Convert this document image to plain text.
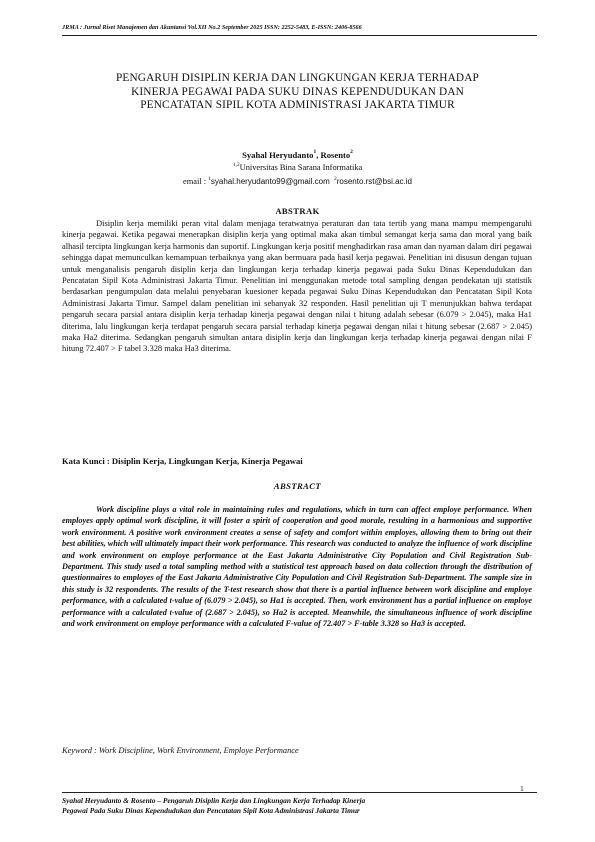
JRMA : Jurnal Riset Manajemen dan Akuntansi Vol.XII No.2 September 2025 ISSN: 2252-5483, E-ISSN: 2406-8566
PENGARUH DISIPLIN KERJA DAN LINGKUNGAN KERJA TERHADAP
KINERJA PEGAWAI PADA SUKU DINAS KEPENDUDUKAN DAN
PENCATATAN SIPIL KOTA ADMINISTRASI JAKARTA TIMUR
Syahal Heryudanto$^1$, Rosento$^2$
$^{1,2}$Universitas Bina Sarana Informatika
email : $^1$syahal.heryudanto99@gmail.com $^2$rosento.rst@bsi.ac.id
ABSTRAK

Disiplin kerja memiliki peran vital dalam menjaga teratwatnya peraturan dan tata tertib yang mana mampu mempengaruhi kinerja pegawai. Ketika pegawai menerapkan disiplin kerja yang optimal maka akan timbul semangat kerja sama dan moral yang baik alhasil tercipta lingkungan kerja harmonis dan suportif. Lingkungan kerja positif menghadirkan rasa aman dan nyaman dalam diri pegawai sehingga dapat memunculkan kemampuan terbaiknya yang akan bermuara pada hasil kerja pegawai. Penelitian ini disusun dengan tujuan untuk menganalisis pengaruh disiplin kerja dan lingkungan kerja terhadap kinerja pegawai pada Suku Dinas Kependudukan dan Pencatatan Sipil Kota Administrasi Jakarta Timur. Penelitian ini menggunakan metode total sampling dengan pendekatan uji statistik berdasarkan pengumpulan data melalui penyebaran kuesioner kepada pegawai Suku Dinas Kependudukan dan Pencatatan Sipil Kota Administrasi Jakarta Timur. Sampel dalam penelitian ini sebanyak 32 responden. Hasil penelitian uji T menunjukkan bahwa terdapat pengaruh secara parsial antara disiplin kerja terhadap kinerja pegawai dengan nilai t hitung adalah sebesar (6.079 > 2.045), maka Ha1 diterima, lalu lingkungan kerja terdapat pengaruh secara parsial terhadap kinerja pegawai dengan nilai t hitung sebesar (2.687 > 2.045) maka Ha2 diterima. Sedangkan pengaruh simultan antara disiplin kerja dan lingkungan kerja terhadap kinerja pegawai dengan nilai F hitung 72.407 > F tabel 3.328 maka Ha3 diterima.

Kata Kunci : Disiplin Kerja, Lingkungan Kerja, Kinerja Pegawai
ABSTRACT

Work discipline plays a vital role in maintaining rules and regulations, which in turn can affect employe performance. When employes apply optimal work discipline, it will foster a spirit of cooperation and good morale, resulting in a harmonious and supportive work environment. A positive work environment creates a sense of safety and comfort within employes, allowing them to bring out their best abilities, which will ultimately impact their work performance. This research was conducted to analyze the influence of work discipline and work environment on employe performance at the East Jakarta Administrative City Population and Civil Registration Sub-Department. This study used a total sampling method with a statistical test approach based on data collection through the distribution of questionnaires to employes of the East Jakarta Administrative City Population and Civil Registration Sub-Department. The sample size in this study is 32 respondents. The results of the T-test research show that there is a partial influence between work discipline and employe performance, with a calculated t-value of (6.079 > 2.045), so Ha1 is accepted. Then, work environment has a partial influence on employe performance with a calculated t-value of (2.687 > 2.045), so Ha2 is accepted. Meanwhile, the simultaneous influence of work discipline and work environment on employe performance with a calculated F-value of 72.407 > F-table 3.328 so Ha3 is accepted.

Keyword : Work Discipline, Work Environment, Employe Performance
1
Syahal Heryudanto & Rosento – Pengaruh Disiplin Kerja dan Lingkungan Kerja Terhadap Kinerja
Pegawai Pada Suku Dinas Kependudukan dan Pencatatan Sipil Kota Administrasi Jakarta Timur
